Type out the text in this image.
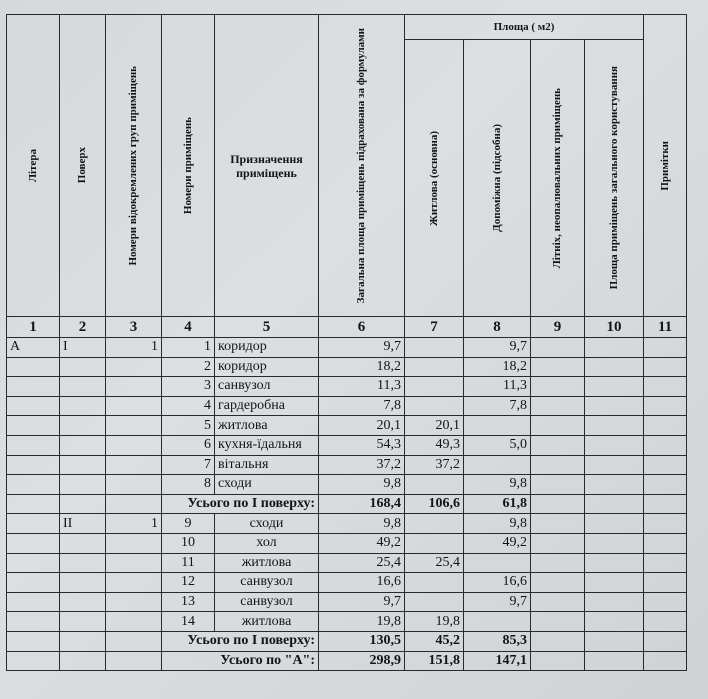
Літера	Поверх	Номери відокремлених груп приміщень	Номери приміщень	Призначення приміщень	Загальна площа приміщень підрахована за формулами	Площа ( м2)				Примітки

						Житлова (основна)	Допоміжна (підсобна)	Літніх, неопалювальних приміщень	Площа приміщень загального користування	

1	2	3	4	5	6	7	8	9	10	11
А	І	1	1	коридор	9,7		9,7			
			2	коридор	18,2		18,2			
			3	санвузол	11,3		11,3			
			4	гардеробна	7,8		7,8			
			5	житлова	20,1	20,1				
			6	кухня-їдальня	54,3	49,3	5,0			
			7	вітальня	37,2	37,2				
			8	сходи	9,8		9,8			
			Усього по І поверху:		168,4	106,6	61,8			
	ІІ	1	9	сходи	9,8		9,8			
			10	хол	49,2		49,2			
			11	житлова	25,4	25,4				
			12	санвузол	16,6		16,6			
			13	санвузол	9,7		9,7			
			14	житлова	19,8	19,8				
			Усього по І поверху:		130,5	45,2	85,3			
			Усього по "А":		298,9	151,8	147,1			
